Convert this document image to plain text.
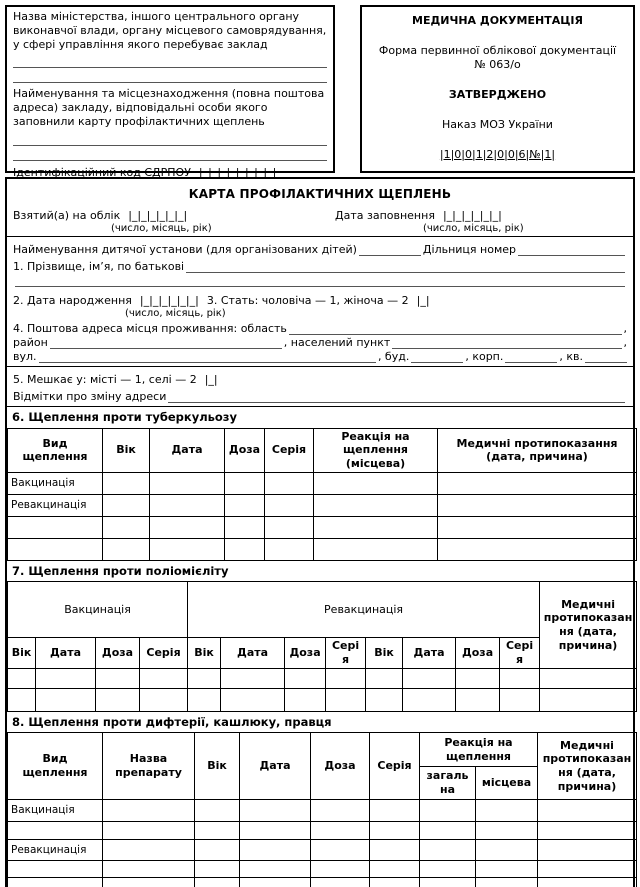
Назва міністерства, іншого центрального органу виконавчої влади, органу місцевого самоврядування, у сфері управління якого перебуває заклад
Найменування та місцезнаходження (повна поштова адреса) закладу, відповідальні особи якого заповнили карту профілактичних щеплень
Ідентифікаційний код ЄДРПОУ |_|_|_|_|_|_|_|_|
МЕДИЧНА ДОКУМЕНТАЦІЯ
Форма первинної облікової документації
№ 063/о
ЗАТВЕРДЖЕНО
Наказ МОЗ України
|1|0|0|1|2|0|0|6|№|1|
КАРТА ПРОФІЛАКТИЧНИХ ЩЕПЛЕНЬ
Взятий(а) на облік |_|_|_|_|_|_|
(число, місяць, рік)
Дата заповнення |_|_|_|_|_|_|
(число, місяць, рік)
Найменування дитячої установи (для організованих дітей)	Дільниця номер
1. Прізвище, ім’я, по батькові
2. Дата народження |_|_|_|_|_|_| 3. Стать: чоловіча — 1, жіноча — 2 |_|
(число, місяць, рік)
4. Поштова адреса місця проживання: область	,
район	, населений пункт	,
вул.	, буд.	, корп.	, кв.
5. Мешкає у: місті — 1, селі — 2 |_|
Відмітки про зміну адреси
6. Щеплення проти туберкульозу
Вид щеплення	Вік	Дата	Доза	Серія	Реакція на щеплення (місцева)	Медичні протипоказання (дата, причина)
Вакцинація						
Ревакцинація						

7. Щеплення проти поліомієліту
Вакцинація				Ревакцинація								Медичні протипоказання (дата, причина)
Вік	Дата	Доза	Серія	Вік	Дата	Доза	Серія	Вік	Дата	Доза	Серія	

8. Щеплення проти дифтерії, кашлюку, правця
Вид щеплення	Назва препарату	Вік	Дата	Доза	Серія	Реакція на щеплення		Медичні протипоказання (дата, причина)
						загальна	місцева	
Вакцинація								

Ревакцинація								
